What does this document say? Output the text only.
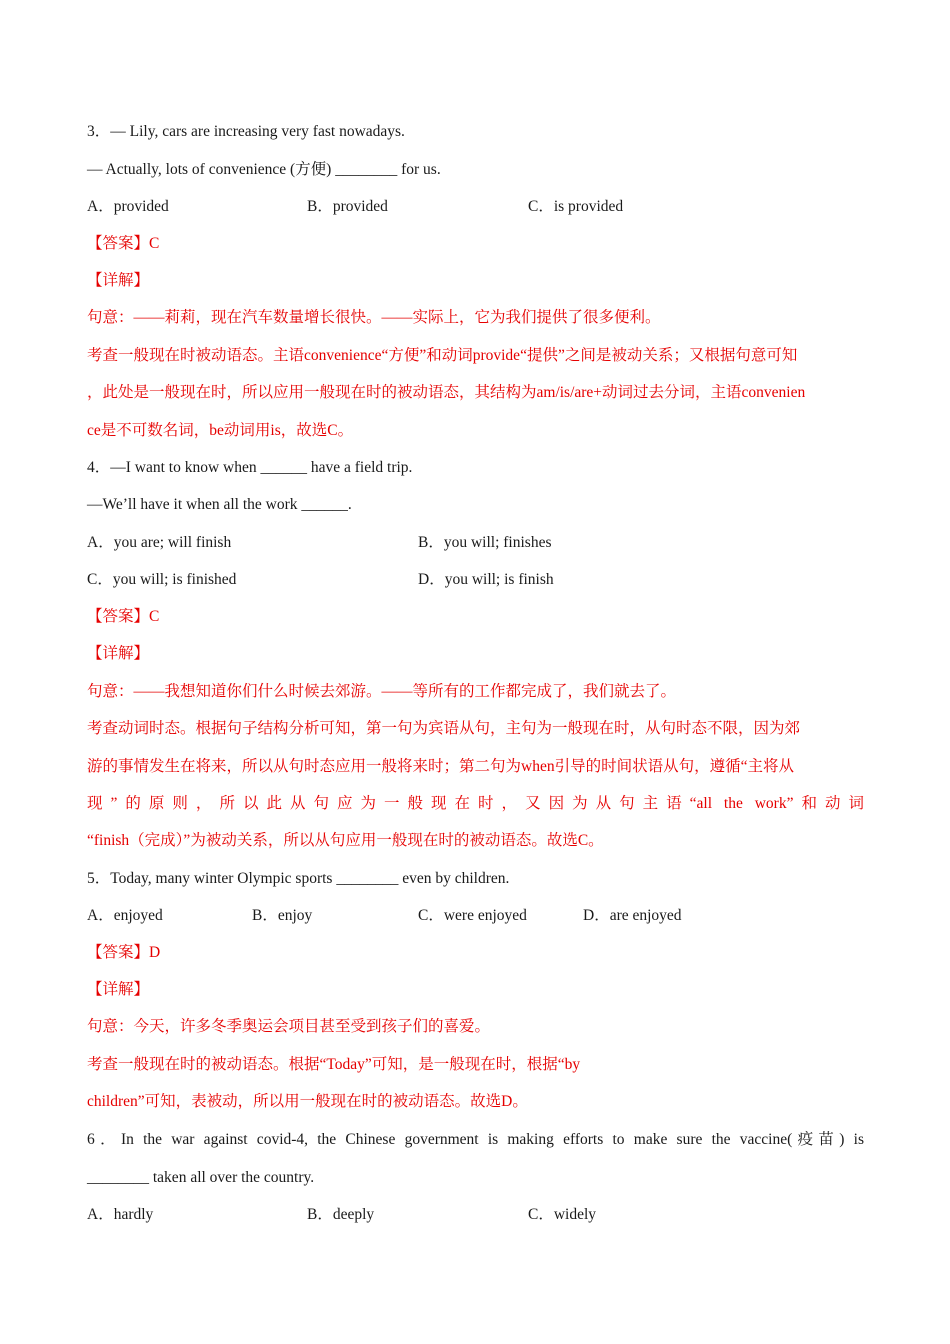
3．— Lily, cars are increasing very fast nowadays.
— Actually, lots of convenience (方便) ________ for us.
A．provided	B．provided	C．is provided
【答案】C
【详解】
句意：——莉莉，现在汽车数量增长很快。——实际上，它为我们提供了很多便利。
考查一般现在时被动语态。主语convenience“方便”和动词provide“提供”之间是被动关系；又根据句意可知
，此处是一般现在时，所以应用一般现在时的被动语态，其结构为am/is/are+动词过去分词，主语convenien
ce是不可数名词，be动词用is，故选C。
4．—I want to know when ______ have a field trip.
—We’ll have it when all the work ______.
A．you are; will finish	B．you will; finishes
C．you will; is finished	D．you will; is finish
【答案】C
【详解】
句意：——我想知道你们什么时候去郊游。——等所有的工作都完成了，我们就去了。
考查动词时态。根据句子结构分析可知，第一句为宾语从句，主句为一般现在时，从句时态不限，因为郊
游的事情发生在将来，所以从句时态应用一般将来时；第二句为when引导的时间状语从句，遵循“主将从
现”的原则，所以此从句应为一般现在时，又因为从句主语“all the work”和动词
“finish（完成）”为被动关系，所以从句应用一般现在时的被动语态。故选C。
5．Today, many winter Olympic sports ________ even by children.
A．enjoyed	B．enjoy	C．were enjoyed	D．are enjoyed
【答案】D
【详解】
句意：今天，许多冬季奥运会项目甚至受到孩子们的喜爱。
考查一般现在时的被动语态。根据“Today”可知，是一般现在时，根据“by
children”可知，表被动，所以用一般现在时的被动语态。故选D。
6．In the war against covid-4, the Chinese government is making efforts to make sure the vaccine(疫苗) is
________ taken all over the country.
A．hardly	B．deeply	C．widely
